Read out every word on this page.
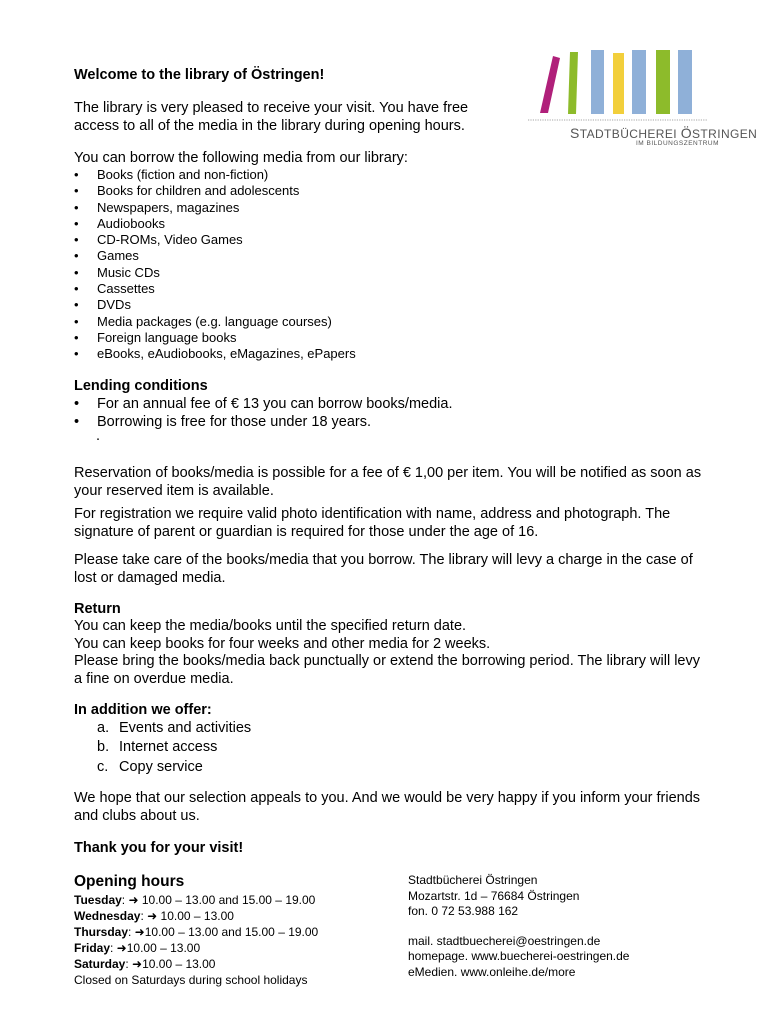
STADTBÜCHEREI ÖSTRINGEN
IM BILDUNGSZENTRUM
Welcome to the library of Östringen!
The library is very pleased to receive your visit. You have free access to all of the media in the library during opening hours.
You can borrow the following media from our library:
• Books (fiction and non-fiction)
• Books for children and adolescents
• Newspapers, magazines
• Audiobooks
• CD-ROMs, Video Games
• Games
• Music CDs
• Cassettes
• DVDs
• Media packages (e.g. language courses)
• Foreign language books
• eBooks, eAudiobooks, eMagazines, ePapers
Lending conditions
• For an annual fee of € 13 you can borrow books/media.
• Borrowing is free for those under 18 years.
.
Reservation of books/media is possible for a fee of € 1,00 per item. You will be notified as soon as your reserved item is available.
For registration we require valid photo identification with name, address and photograph. The signature of parent or guardian is required for those under the age of 16.
Please take care of the books/media that you borrow. The library will levy a charge in the case of lost or damaged media.
Return
You can keep the media/books until the specified return date.
You can keep books for four weeks and other media for 2 weeks.
Please bring the books/media back punctually or extend the borrowing period. The library will levy a fine on overdue media.
In addition we offer:
a. Events and activities
b. Internet access
c. Copy service
We hope that our selection appeals to you. And we would be very happy if you inform your friends and clubs about us.
Thank you for your visit!
Opening hours
Tuesday: ➜ 10.00 – 13.00 and 15.00 – 19.00
Wednesday: ➜ 10.00 – 13.00
Thursday: ➜10.00 – 13.00 and 15.00 – 19.00
Friday: ➜10.00 – 13.00
Saturday: ➜10.00 – 13.00
Closed on Saturdays during school holidays
Stadtbücherei Östringen
Mozartstr. 1d – 76684 Östringen
fon. 0 72 53.988 162
mail. stadtbuecherei@oestringen.de
homepage. www.buecherei-oestringen.de
eMedien. www.onleihe.de/more
